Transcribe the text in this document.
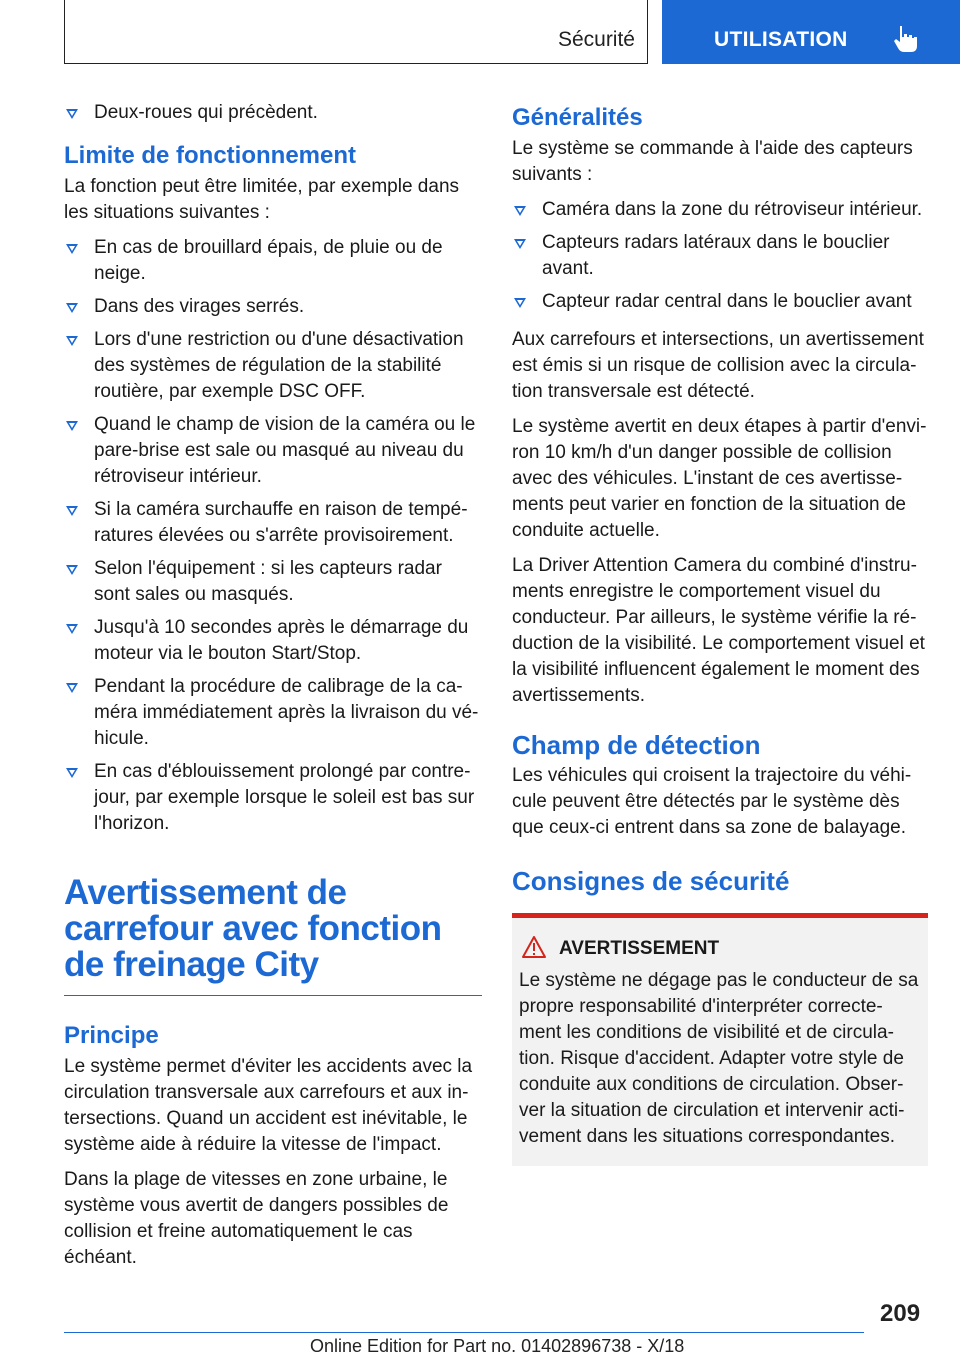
Sécurité	UTILISATION
Deux-roues qui précèdent.
Limite de fonctionnement

La fonction peut être limitée, par exemple dans les situations suivantes :

En cas de brouillard épais, de pluie ou de neige.
Dans des virages serrés.
Lors d'une restriction ou d'une désactivation des systèmes de régulation de la stabilité routière, par exemple DSC OFF.
Quand le champ de vision de la caméra ou le pare-brise est sale ou masqué au niveau du rétroviseur intérieur.
Si la caméra surchauffe en raison de tempé-ratures élevées ou s'arrête provisoirement.
Selon l'équipement : si les capteurs radar sont sales ou masqués.
Jusqu'à 10 secondes après le démarrage du moteur via le bouton Start/Stop.
Pendant la procédure de calibrage de la ca-méra immédiatement après la livraison du vé-hicule.
En cas d'éblouissement prolongé par contre-jour, par exemple lorsque le soleil est bas sur l'horizon.
Avertissement de carrefour avec fonction de freinage City
Principe

Le système permet d'éviter les accidents avec la circulation transversale aux carrefours et aux in-tersections. Quand un accident est inévitable, le système aide à réduire la vitesse de l'impact.

Dans la plage de vitesses en zone urbaine, le système vous avertit de dangers possibles de collision et freine automatiquement le cas échéant.

Généralités

Le système se commande à l'aide des capteurs suivants :

Caméra dans la zone du rétroviseur intérieur.
Capteurs radars latéraux dans le bouclier avant.
Capteur radar central dans le bouclier avant

Aux carrefours et intersections, un avertissement est émis si un risque de collision avec la circula-tion transversale est détecté.

Le système avertit en deux étapes à partir d'envi-ron 10 km/h d'un danger possible de collision avec des véhicules. L'instant de ces avertisse-ments peut varier en fonction de la situation de conduite actuelle.

La Driver Attention Camera du combiné d'instru-ments enregistre le comportement visuel du conducteur. Par ailleurs, le système vérifie la ré-duction de la visibilité. Le comportement visuel et la visibilité influencent également le moment des avertissements.

Champ de détection

Les véhicules qui croisent la trajectoire du véhi-cule peuvent être détectés par le système dès que ceux-ci entrent dans sa zone de balayage.

Consignes de sécurité
AVERTISSEMENT

Le système ne dégage pas le conducteur de sa propre responsabilité d'interpréter correcte-ment les conditions de visibilité et de circula-tion. Risque d'accident. Adapter votre style de conduite aux conditions de circulation. Obser-ver la situation de circulation et intervenir acti-vement dans les situations correspondantes.

209
Online Edition for Part no. 01402896738 - X/18
